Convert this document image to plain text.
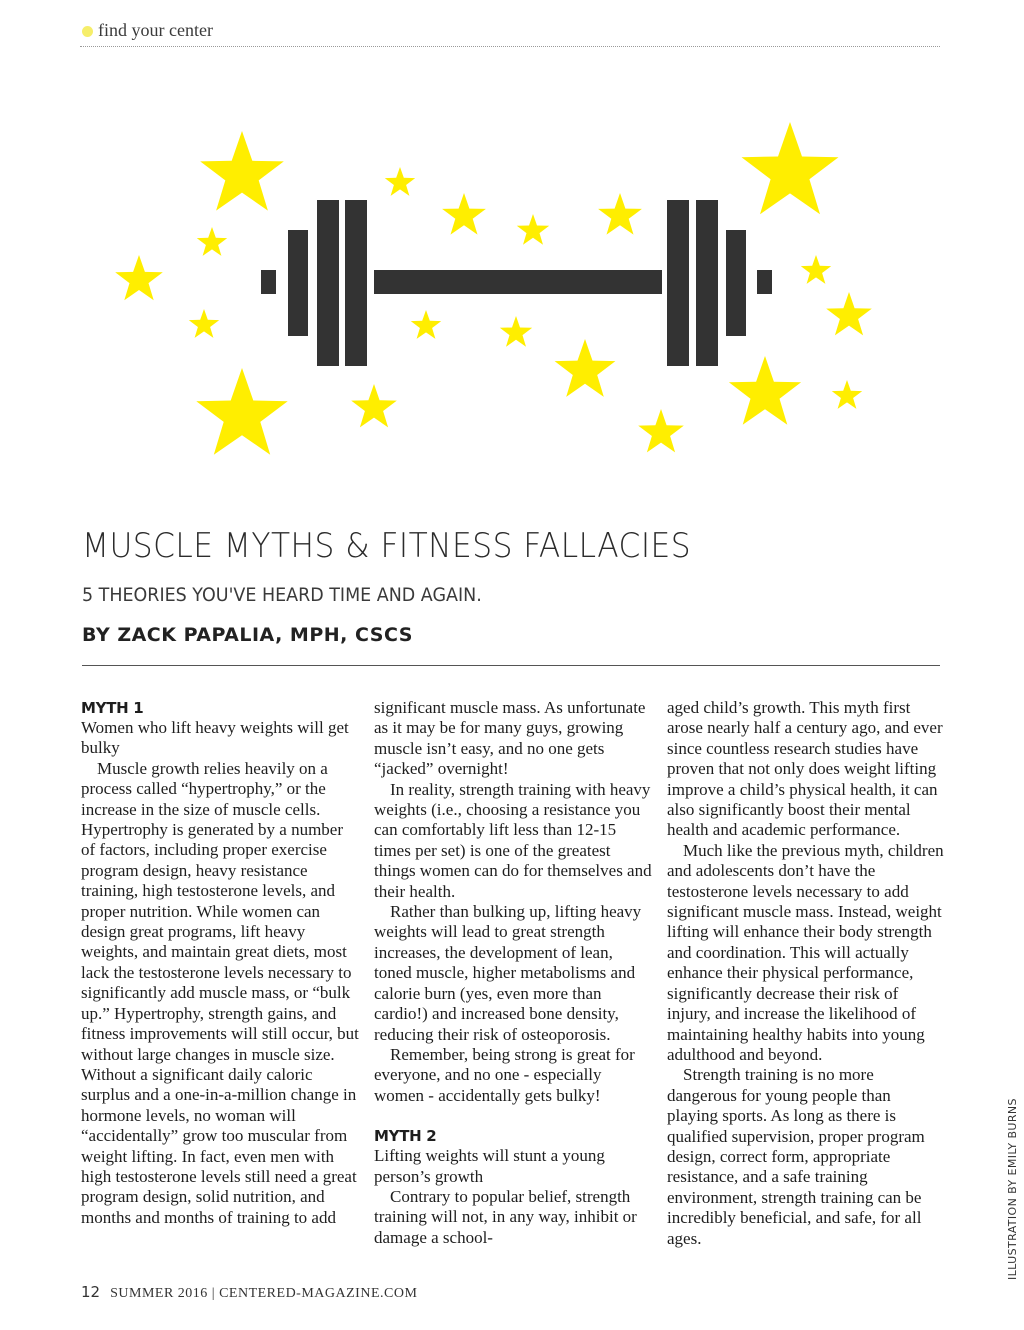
find your center
MUSCLE MYTHS & FITNESS FALLACIES
5 THEORIES YOU'VE HEARD TIME AND AGAIN.
BY ZACK PAPALIA, MPH, CSCS

MYTH 1

Women who lift heavy weights will get bulky

Muscle growth relies heavily on a process called “hypertrophy,” or the increase in the size of muscle cells. Hypertrophy is generated by a number of factors, including proper exercise program design, heavy resistance training, high testosterone levels, and proper nutrition. While women can design great programs, lift heavy weights, and maintain great diets, most lack the testosterone levels necessary to significantly add muscle mass, or “bulk up.” Hypertrophy, strength gains, and fitness improvements will still occur, but without large changes in muscle size. Without a significant daily caloric surplus and a one-in-a-million change in hormone levels, no woman will “accidentally” grow too muscular from weight lifting. In fact, even men with high testosterone levels still need a great program design, solid nutrition, and months and months of training to add

significant muscle mass. As unfortunate as it may be for many guys, growing muscle isn’t easy, and no one gets “jacked” overnight!

In reality, strength training with heavy weights (i.e., choosing a resistance you can comfortably lift less than 12-15 times per set) is one of the greatest things women can do for themselves and their health.

Rather than bulking up, lifting heavy weights will lead to great strength increases, the development of lean, toned muscle, higher metabolisms and calorie burn (yes, even more than cardio!) and increased bone density, reducing their risk of osteoporosis.

Remember, being strong is great for everyone, and no one - especially women - accidentally gets bulky!

MYTH 2

Lifting weights will stunt a young person’s growth

Contrary to popular belief, strength training will not, in any way, inhibit or damage a school-

aged child’s growth. This myth first arose nearly half a century ago, and ever since countless research studies have proven that not only does weight lifting improve a child’s physical health, it can also significantly boost their mental health and academic performance.

Much like the previous myth, children and adolescents don’t have the testosterone levels necessary to add significant muscle mass. Instead, weight lifting will enhance their body strength and coordination. This will actually enhance their physical performance, significantly decrease their risk of injury, and increase the likelihood of maintaining healthy habits into young adulthood and beyond.

Strength training is no more dangerous for young people than playing sports. As long as there is qualified supervision, proper program design, correct form, appropriate resistance, and a safe training environment, strength training can be incredibly beneficial, and safe, for all ages.	ILLUSTRATION BY EMILY BURNS
12 SUMMER 2016 | CENTERED-MAGAZINE.COM
